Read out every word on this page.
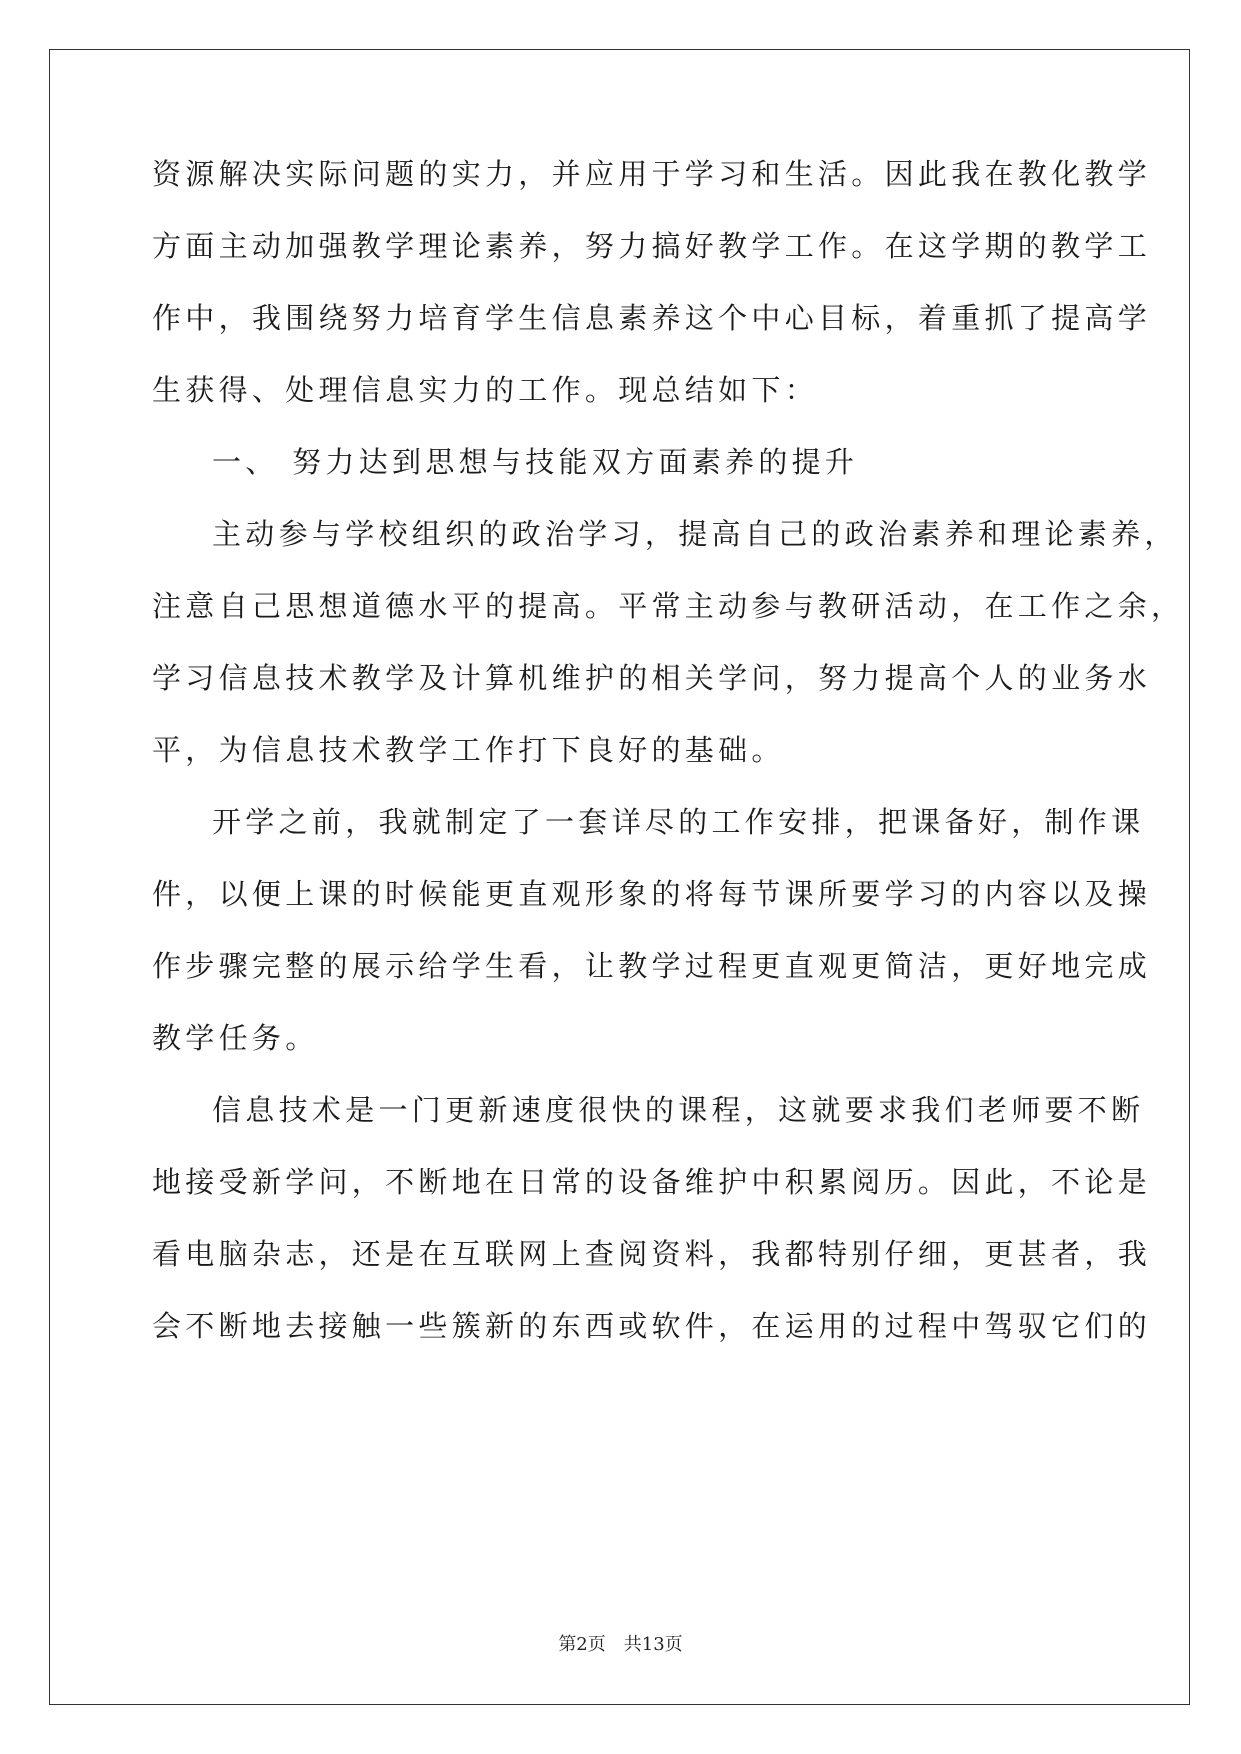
资源解决实际问题的实力，并应用于学习和生活。因此我在教化教学
方面主动加强教学理论素养，努力搞好教学工作。在这学期的教学工
作中，我围绕努力培育学生信息素养这个中心目标，着重抓了提高学
生获得、处理信息实力的工作。现总结如下：
一、 努力达到思想与技能双方面素养的提升
主动参与学校组织的政治学习，提高自己的政治素养和理论素养，
注意自己思想道德水平的提高。平常主动参与教研活动，在工作之余，
学习信息技术教学及计算机维护的相关学问，努力提高个人的业务水
平，为信息技术教学工作打下良好的基础。
开学之前，我就制定了一套详尽的工作安排，把课备好，制作课
件，以便上课的时候能更直观形象的将每节课所要学习的内容以及操
作步骤完整的展示给学生看，让教学过程更直观更简洁，更好地完成
教学任务。
信息技术是一门更新速度很快的课程，这就要求我们老师要不断
地接受新学问，不断地在日常的设备维护中积累阅历。因此，不论是
看电脑杂志，还是在互联网上查阅资料，我都特别仔细，更甚者，我
会不断地去接触一些簇新的东西或软件，在运用的过程中驾驭它们的
第2页　共13页
